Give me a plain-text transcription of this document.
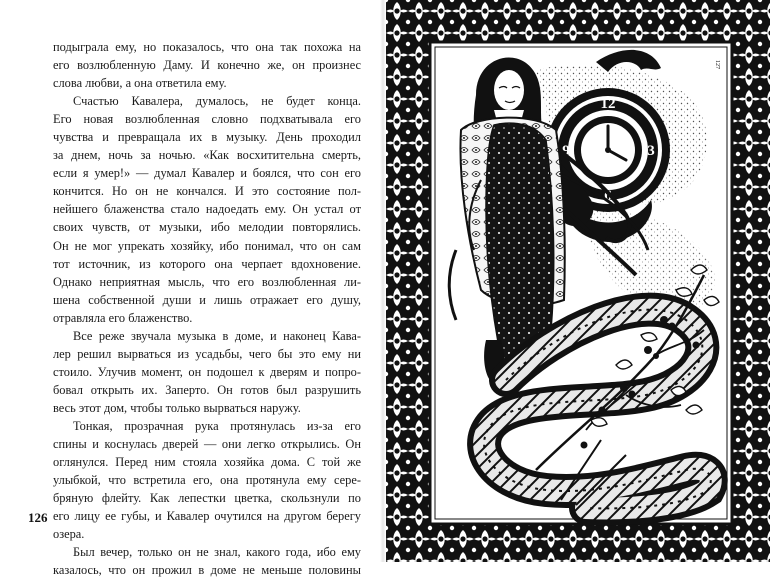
подыграла ему, но показалось, что она так похожа на

его возлюбленную Даму. И конечно же, он произнес

слова любви, а она ответила ему.

Счастью Кавалера, думалось, не будет конца.

Его новая возлюбленная словно подхватывала его

чувства и превращала их в музыку. День проходил

за днем, ночь за ночью. «Как восхитительна смерть,

если я умер!» — думал Кавалер и боялся, что сон его

кончится. Но он не кончался. И это состояние пол-

нейшего блаженства стало надоедать ему. Он устал от

своих чувств, от музыки, ибо мелодии повторялись.

Он не мог упрекать хозяйку, ибо понимал, что он сам

тот источник, из которого она черпает вдохновение.

Однако неприятная мысль, что его возлюбленная ли-

шена собственной души и лишь отражает его душу,

отравляла его блаженство.

Все реже звучала музыка в доме, и наконец Кава-

лер решил вырваться из усадьбы, чего бы это ему ни

стоило. Улучив момент, он подошел к дверям и попро-

бовал открыть их. Заперто. Он готов был разрушить

весь этот дом, чтобы только вырваться наружу.

Тонкая, прозрачная рука протянулась из-за его

спины и коснулась дверей — они легко открылись. Он

оглянулся. Перед ним стояла хозяйка дома. С той же

улыбкой, что встретила его, она протянула ему сере-

бряную флейту. Как лепестки цветка, скользнули по

его лицу ее губы, и Кавалер очутился на другом берегу

озера.

Был вечер, только он не знал, какого года, ибо ему

казалось, что он прожил в доме не меньше половины

126
12
3
6
9
127
